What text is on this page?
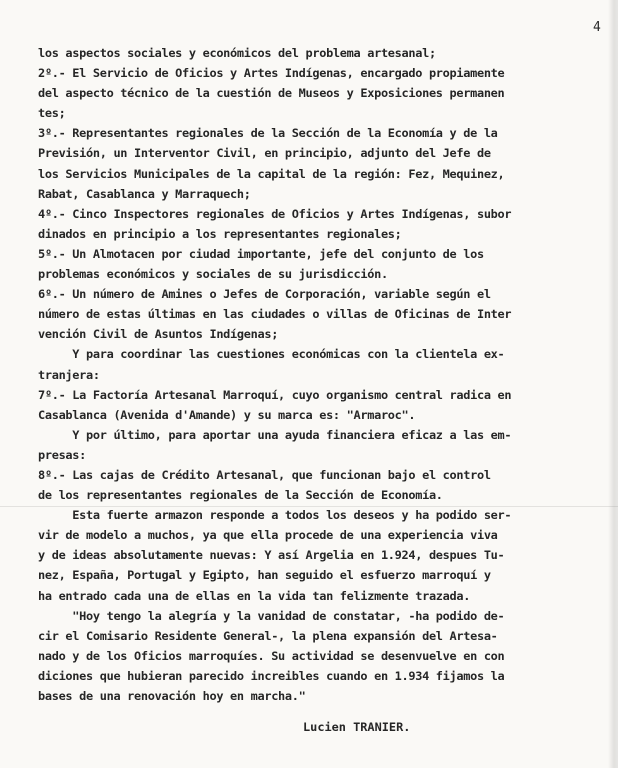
4
los aspectos sociales y económicos del problema artesanal;
2º.- El Servicio de Oficios y Artes Indígenas, encargado propiamente
del aspecto técnico de la cuestión de Museos y Exposiciones permanen
tes;
3º.- Representantes regionales de la Sección de la Economía y de la
Previsión, un Interventor Civil, en principio, adjunto del Jefe de
los Servicios Municipales de la capital de la región: Fez, Mequinez,
Rabat, Casablanca y Marraquech;
4º.- Cinco Inspectores regionales de Oficios y Artes Indígenas, subor
dinados en principio a los representantes regionales;
5º.- Un Almotacen por ciudad importante, jefe del conjunto de los
problemas económicos y sociales de su jurisdicción.
6º.- Un número de Amines o Jefes de Corporación, variable según el
número de estas últimas en las ciudades o villas de Oficinas de Inter
vención Civil de Asuntos Indígenas;
Y para coordinar las cuestiones económicas con la clientela ex-
tranjera:
7º.- La Factoría Artesanal Marroquí, cuyo organismo central radica en
Casablanca (Avenida d'Amande) y su marca es: "Armaroc".
Y por último, para aportar una ayuda financiera eficaz a las em-
presas:
8º.- Las cajas de Crédito Artesanal, que funcionan bajo el control
de los representantes regionales de la Sección de Economía.
Esta fuerte armazon responde a todos los deseos y ha podido ser-
vir de modelo a muchos, ya que ella procede de una experiencia viva
y de ideas absolutamente nuevas: Y así Argelia en 1.924, despues Tu-
nez, España, Portugal y Egipto, han seguido el esfuerzo marroquí y
ha entrado cada una de ellas en la vida tan felizmente trazada.
"Hoy tengo la alegría y la vanidad de constatar, -ha podido de-
cir el Comisario Residente General-, la plena expansión del Artesa-
nado y de los Oficios marroquíes. Su actividad se desenvuelve en con
diciones que hubieran parecido increibles cuando en 1.934 fijamos la
bases de una renovación hoy en marcha."
Lucien TRANIER.
